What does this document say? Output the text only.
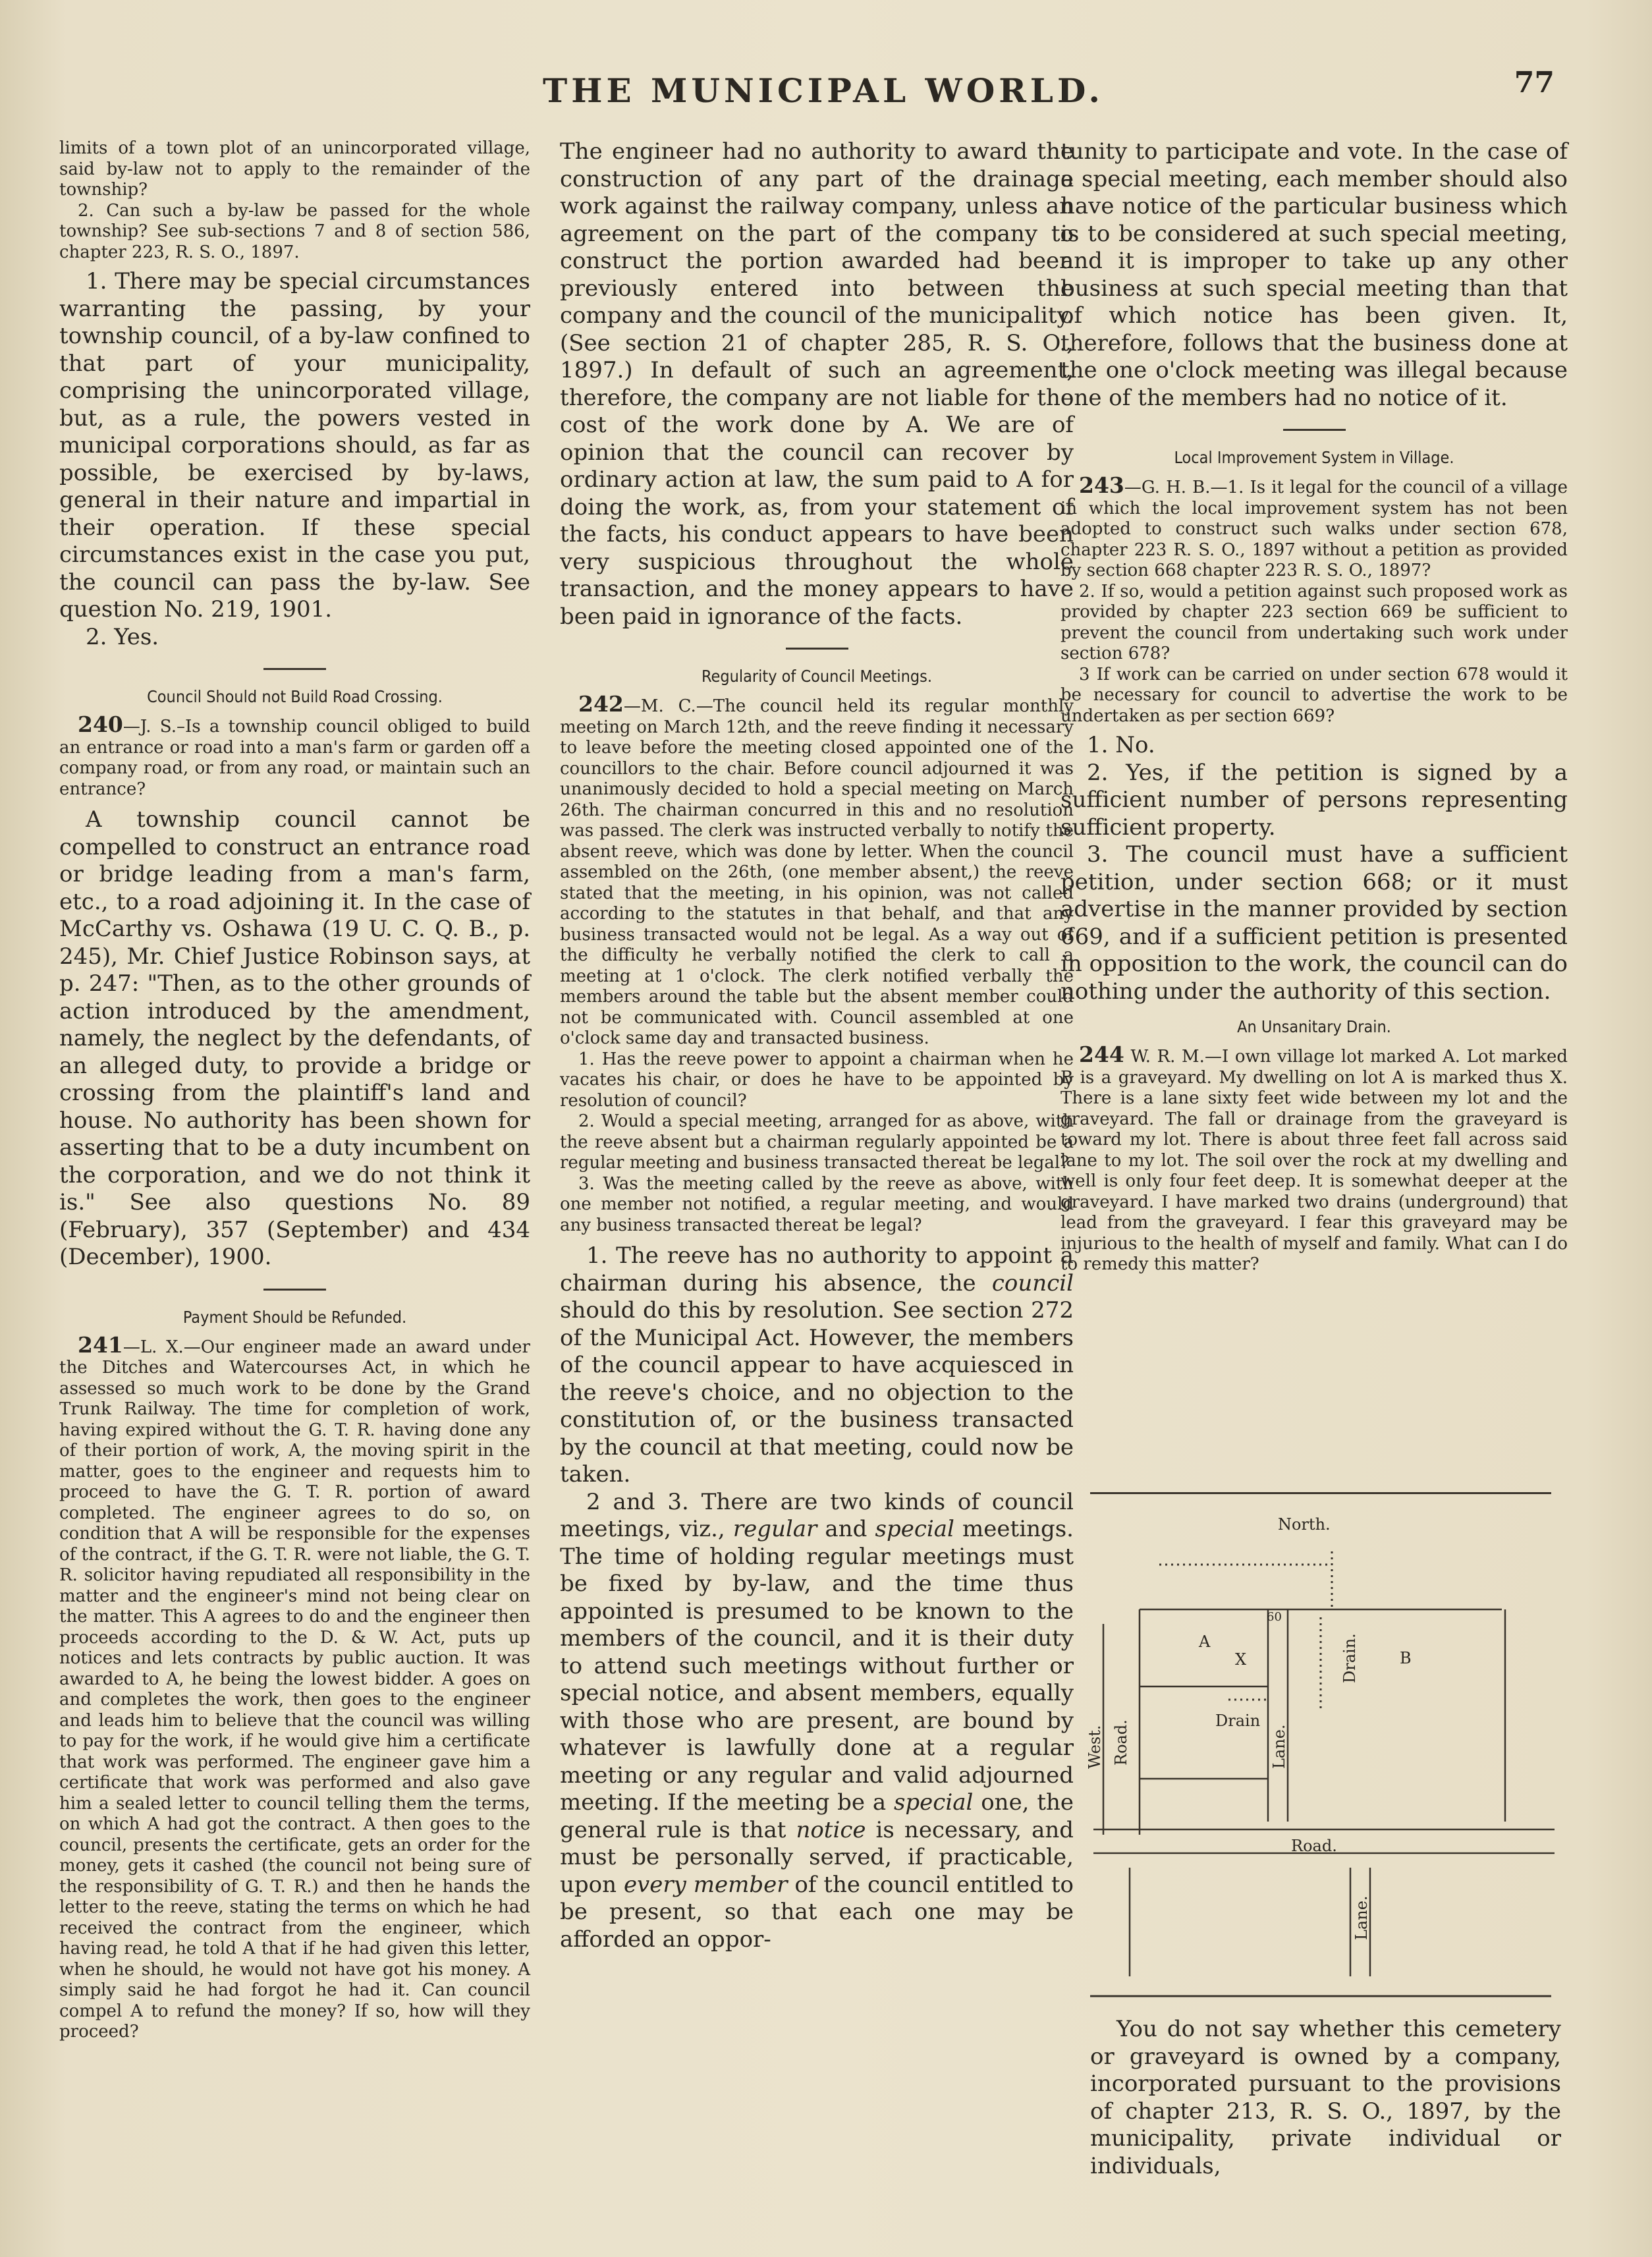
THE MUNICIPAL WORLD.	77

limits of a town plot of an unincorporated village, said by-law not to apply to the remainder of the township?

2. Can such a by-law be passed for the whole township? See sub-sections 7 and 8 of section 586, chapter 223, R. S. O., 1897.

1. There may be special circumstances warranting the passing, by your township council, of a by-law confined to that part of your municipality, comprising the unincorporated village, but, as a rule, the powers vested in municipal corporations should, as far as possible, be exercised by by-laws, general in their nature and impartial in their operation. If these special circumstances exist in the case you put, the council can pass the by-law. See question No. 219, 1901.

2. Yes.

Council Should not Build Road Crossing.

240—J. S.–Is a township council obliged to build an entrance or road into a man's farm or garden off a company road, or from any road, or maintain such an entrance?

A township council cannot be compelled to construct an entrance road or bridge leading from a man's farm, etc., to a road adjoining it. In the case of McCarthy vs. Oshawa (19 U. C. Q. B., p. 245), Mr. Chief Justice Robinson says, at p. 247: "Then, as to the other grounds of action introduced by the amendment, namely, the neglect by the defendants, of an alleged duty, to provide a bridge or crossing from the plaintiff's land and house. No authority has been shown for asserting that to be a duty incumbent on the corporation, and we do not think it is." See also questions No. 89 (February), 357 (September) and 434 (December), 1900.

Payment Should be Refunded.

241—L. X.—Our engineer made an award under the Ditches and Watercourses Act, in which he assessed so much work to be done by the Grand Trunk Railway. The time for completion of work, having expired without the G. T. R. having done any of their portion of work, A, the moving spirit in the matter, goes to the engineer and requests him to proceed to have the G. T. R. portion of award completed. The engineer agrees to do so, on condition that A will be responsible for the expenses of the contract, if the G. T. R. were not liable, the G. T. R. solicitor having repudiated all responsibility in the matter and the engineer's mind not being clear on the matter. This A agrees to do and the engineer then proceeds according to the D. & W. Act, puts up notices and lets contracts by public auction. It was awarded to A, he being the lowest bidder. A goes on and completes the work, then goes to the engineer and leads him to believe that the council was willing to pay for the work, if he would give him a certificate that work was performed. The engineer gave him a certificate that work was performed and also gave him a sealed letter to council telling them the terms, on which A had got the contract. A then goes to the council, presents the certificate, gets an order for the money, gets it cashed (the council not being sure of the responsibility of G. T. R.) and then he hands the letter to the reeve, stating the terms on which he had received the contract from the engineer, which having read, he told A that if he had given this letter, when he should, he would not have got his money. A simply said he had forgot he had it. Can council compel A to refund the money? If so, how will they proceed?

The engineer had no authority to award the construction of any part of the drainage work against the railway company, unless an agreement on the part of the company to construct the portion awarded had been previously entered into between the company and the council of the municipality. (See section 21 of chapter 285, R. S. O., 1897.) In default of such an agreement, therefore, the company are not liable for the cost of the work done by A. We are of opinion that the council can recover by ordinary action at law, the sum paid to A for doing the work, as, from your statement of the facts, his conduct appears to have been very suspicious throughout the whole transaction, and the money appears to have been paid in ignorance of the facts.

Regularity of Council Meetings.

242—M. C.—The council held its regular monthly meeting on March 12th, and the reeve finding it necessary to leave before the meeting closed appointed one of the councillors to the chair. Before council adjourned it was unanimously decided to hold a special meeting on March 26th. The chairman concurred in this and no resolution was passed. The clerk was instructed verbally to notify the absent reeve, which was done by letter. When the council assembled on the 26th, (one member absent,) the reeve stated that the meeting, in his opinion, was not called according to the statutes in that behalf, and that any business transacted would not be legal. As a way out of the difficulty he verbally notified the clerk to call a meeting at 1 o'clock. The clerk notified verbally the members around the table but the absent member could not be communicated with. Council assembled at one o'clock same day and transacted business.

1. Has the reeve power to appoint a chairman when he vacates his chair, or does he have to be appointed by resolution of council?

2. Would a special meeting, arranged for as above, with the reeve absent but a chairman regularly appointed be a regular meeting and business transacted thereat be legal?

3. Was the meeting called by the reeve as above, with one member not notified, a regular meeting, and would any business transacted thereat be legal?

1. The reeve has no authority to appoint a chairman during his absence, the council should do this by resolution. See section 272 of the Municipal Act. However, the members of the council appear to have acquiesced in the reeve's choice, and no objection to the constitution of, or the business transacted by the council at that meeting, could now be taken.

2 and 3. There are two kinds of council meetings, viz., regular and special meetings. The time of holding regular meetings must be fixed by by-law, and the time thus appointed is presumed to be known to the members of the council, and it is their duty to attend such meetings without further or special notice, and absent members, equally with those who are present, are bound by whatever is lawfully done at a regular meeting or any regular and valid adjourned meeting. If the meeting be a special one, the general rule is that notice is necessary, and must be personally served, if practicable, upon every member of the council entitled to be present, so that each one may be afforded an oppor-

tunity to participate and vote. In the case of a special meeting, each member should also have notice of the particular business which is to be considered at such special meeting, and it is improper to take up any other business at such special meeting than that of which notice has been given. It, therefore, follows that the business done at the one o'clock meeting was illegal because one of the members had no notice of it.

Local Improvement System in Village.

243—G. H. B.—1. Is it legal for the council of a village in which the local improvement system has not been adopted to construct such walks under section 678, chapter 223 R. S. O., 1897 without a petition as provided by section 668 chapter 223 R. S. O., 1897?

2. If so, would a petition against such proposed work as provided by chapter 223 section 669 be sufficient to prevent the council from undertaking such work under section 678?

3 If work can be carried on under section 678 would it be necessary for council to advertise the work to be undertaken as per section 669?

1. No.

2. Yes, if the petition is signed by a sufficient number of persons representing sufficient property.

3. The council must have a sufficient petition, under section 668; or it must advertise in the manner provided by section 669, and if a sufficient petition is presented in opposition to the work, the council can do nothing under the authority of this section.

An Unsanitary Drain.

244 W. R. M.—I own village lot marked A. Lot marked B is a graveyard. My dwelling on lot A is marked thus X. There is a lane sixty feet wide between my lot and the graveyard. The fall or drainage from the graveyard is toward my lot. There is about three feet fall across said lane to my lot. The soil over the rock at my dwelling and well is only four feet deep. It is somewhat deeper at the graveyard. I have marked two drains (underground) that lead from the graveyard. I fear this graveyard may be injurious to the health of myself and family. What can I do to remedy this matter?

North.
A
X	B
Drain
60
Drain.
West. Road.	Lane.
Road.
Lane.

You do not say whether this cemetery or graveyard is owned by a company, incorporated pursuant to the provisions of chapter 213, R. S. O., 1897, by the municipality, private individual or individuals,
